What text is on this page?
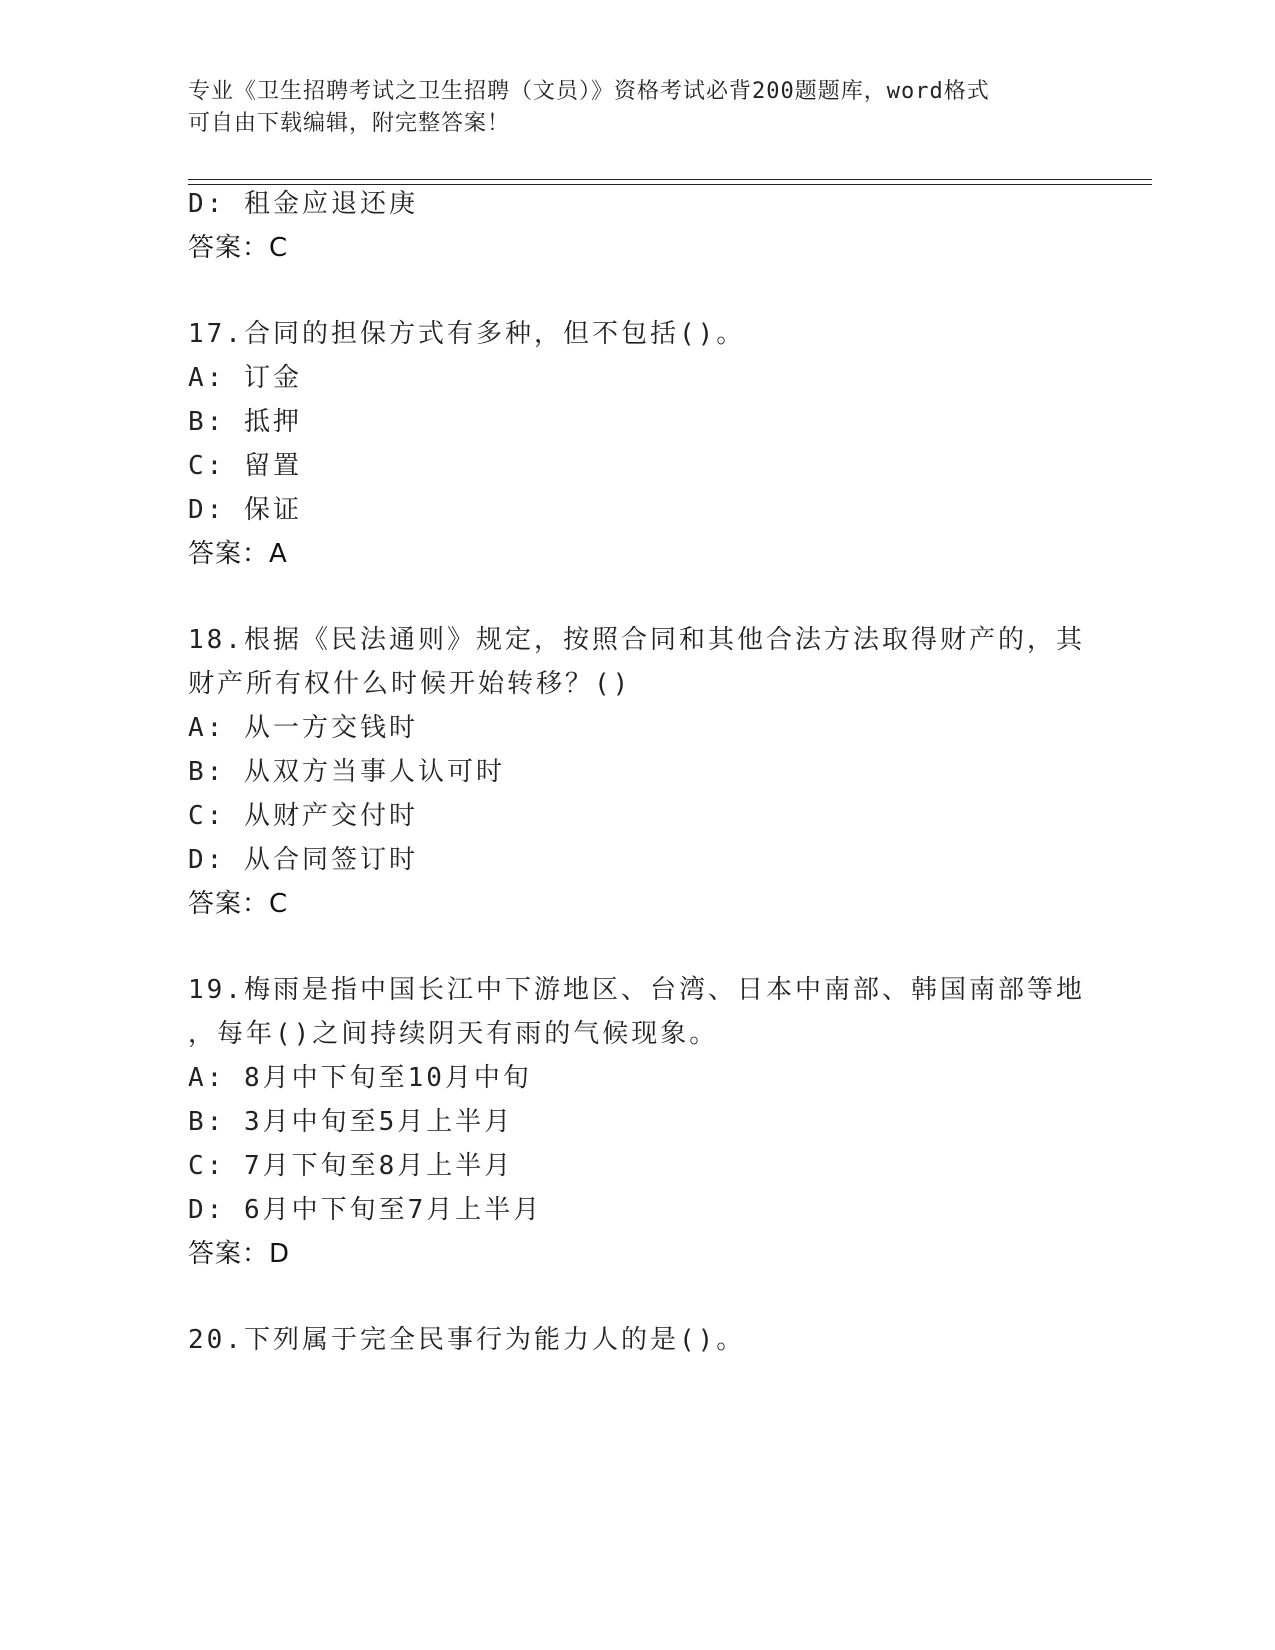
专业《卫生招聘考试之卫生招聘（文员）》资格考试必背200题题库，word格式
可自由下载编辑，附完整答案！
D: 租金应退还庚
答案：C
17.合同的担保方式有多种，但不包括()。
A: 订金
B: 抵押
C: 留置
D: 保证
答案：A
18.根据《民法通则》规定，按照合同和其他合法方法取得财产的，其
财产所有权什么时候开始转移？()
A: 从一方交钱时
B: 从双方当事人认可时
C: 从财产交付时
D: 从合同签订时
答案：C
19.梅雨是指中国长江中下游地区、台湾、日本中南部、韩国南部等地
，每年()之间持续阴天有雨的气候现象。
A: 8月中下旬至10月中旬
B: 3月中旬至5月上半月
C: 7月下旬至8月上半月
D: 6月中下旬至7月上半月
答案：D
20.下列属于完全民事行为能力人的是()。
